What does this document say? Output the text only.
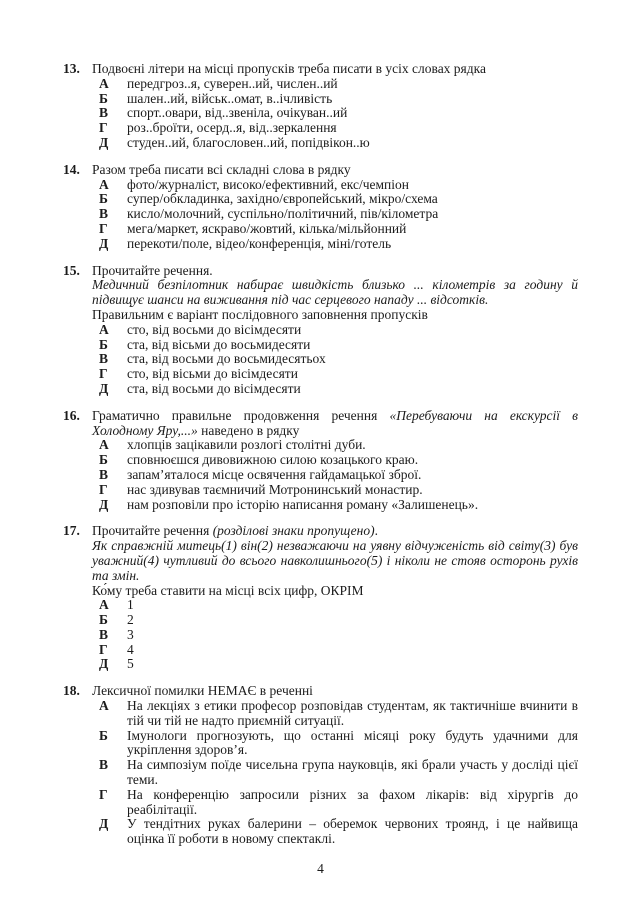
13. Подвоєні літери на місці пропусків треба писати в усіх словах рядка
А	передгроз..я, суверен..ий, числен..ий
Б	шален..ий, військ..омат, в..ічливість
В	спорт..овари, від..звеніла, очікуван..ий
Г	роз..броїти, осерд..я, від..зеркалення
Д	студен..ий, благословен..ий, попідвікон..ю
14. Разом треба писати всі складні слова в рядку
А	фото/журналіст, високо/ефективний, екс/чемпіон
Б	супер/обкладинка, західно/європейський, мікро/схема
В	кисло/молочний, суспільно/політичний, пів/кілометра
Г	мега/маркет, яскраво/жовтий, кілька/мільйонний
Д	перекоти/поле, відео/конференція, міні/готель
15. Прочитайте речення.
Медичний безпілотник набирає швидкість близько ... кілометрів за годину й підвищує шанси на виживання під час серцевого нападу ... відсотків.
Правильним є варіант послідовного заповнення пропусків
А	сто, від восьми до вісімдесяти
Б	ста, від вісьми до восьмидесяти
В	ста, від восьми до восьмидесятьох
Г	сто, від вісьми до вісімдесяти
Д	ста, від восьми до вісімдесяти
16. Граматично правильне продовження речення «Перебуваючи на екскурсії в Холодному Яру,...» наведено в рядку
А	хлопців зацікавили розлогі столітні дуби.
Б	сповнюєшся дивовижною силою козацького краю.
В	запам’яталося місце освячення гайдамацької зброї.
Г	нас здивував таємничий Мотронинський монастир.
Д	нам розповіли про історію написання роману «Залишенець».
17. Прочитайте речення (розділові знаки пропущено).
Як справжній митець(1) він(2) незважаючи на уявну відчуженість від світу(3) був уважний(4) чутливий до всього навколишнього(5) і ніколи не стояв осторонь рухів та змін.
Ко́му треба ставити на місці всіх цифр, ОКРІМ
А	1
Б	2
В	3
Г	4
Д	5
18. Лексичної помилки НЕМАЄ в реченні
А	На лекціях з етики професор розповідав студентам, як тактичніше вчинити в тій чи тій не надто приємній ситуації.
Б	Імунологи прогнозують, що останні місяці року будуть удачними для укріплення здоров’я.
В	На симпозіум поїде чисельна група науковців, які брали участь у досліді цієї теми.
Г	На конференцію запросили різних за фахом лікарів: від хірургів до реабілітації.
Д	У тендітних руках балерини – оберемок червоних троянд, і це найвища оцінка її роботи в новому спектаклі.
4
